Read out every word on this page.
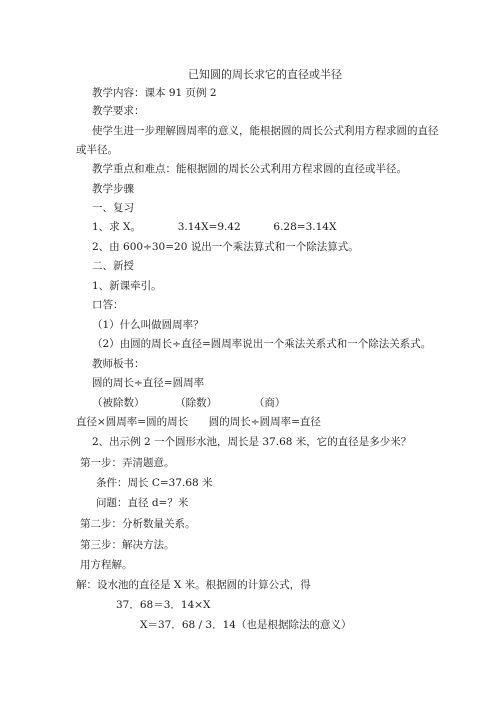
已知圆的周长求它的直径或半径
教学内容：课本 91 页例 2
教学要求：
使学生进一步理解圆周率的意义，能根据圆的周长公式利用方程求圆的直径
或半径。
教学重点和难点：能根据圆的周长公式利用方程求圆的直径或半径。
教学步骤
一、复习
1、求 X。	3.14X=9.42	6.28=3.14X
2、由 600÷30=20 说出一个乘法算式和一个除法算式。
二、新授
1、新课牵引。
口答：
（1）什么叫做圆周率？
（2）由圆的周长÷直径=圆周率说出一个乘法关系式和一个除法关系式。
教师板书：
圆的周长÷直径=圆周率
（被除数）	（除数）	（商）
直径×圆周率=圆的周长 圆的周长÷圆周率=直径
2、出示例 2 一个圆形水池，周长是 37.68 米，它的直径是多少米？
第一步：弄清题意。
条件：周长 C=37.68 米
问题：直径 d=？米
第二步：分析数量关系。
第三步：解决方法。
用方程解。
解：设水池的直径是 X 米。根据圆的计算公式，得
37．68＝3．14×X
X＝37．68 / 3．14（也是根据除法的意义）
